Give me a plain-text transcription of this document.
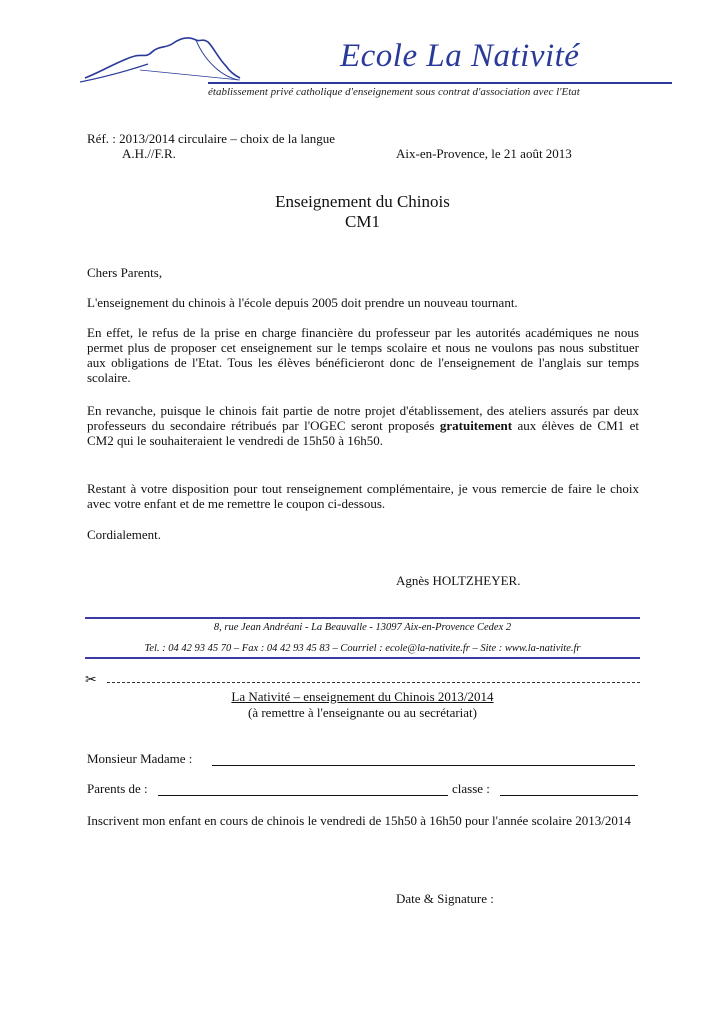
Ecole La Nativité
établissement privé catholique d'enseignement sous contrat d'association avec l'Etat
Réf. : 2013/2014 circulaire – choix de la langue
A.H.//F.R.	Aix-en-Provence, le 21 août 2013
Enseignement du Chinois
CM1
Chers Parents,
L'enseignement du chinois à l'école depuis 2005 doit prendre un nouveau tournant.
En effet, le refus de la prise en charge financière du professeur par les autorités académiques ne nous permet plus de proposer cet enseignement sur le temps scolaire et nous ne voulons pas nous substituer aux obligations de l'Etat. Tous les élèves bénéficieront donc de l'enseignement de l'anglais sur temps scolaire.
En revanche, puisque le chinois fait partie de notre projet d'établissement, des ateliers assurés par deux professeurs du secondaire rétribués par l'OGEC seront proposés gratuitement aux élèves de CM1 et CM2 qui le souhaiteraient le vendredi de 15h50 à 16h50.
Restant à votre disposition pour tout renseignement complémentaire, je vous remercie de faire le choix avec votre enfant et de me remettre le coupon ci-dessous.
Cordialement.
Agnès HOLTZHEYER.
8, rue Jean Andréani - La Beauvalle - 13097 Aix-en-Provence Cedex 2
Tel. : 04 42 93 45 70 – Fax : 04 42 93 45 83 – Courriel : ecole@la-nativite.fr – Site : www.la-nativite.fr
✂
La Nativité – enseignement du Chinois 2013/2014
(à remettre à l'enseignante ou au secrétariat)
Monsieur Madame :
Parents de :	classe :
Inscrivent mon enfant en cours de chinois le vendredi de 15h50 à 16h50 pour l'année scolaire 2013/2014
Date & Signature :
